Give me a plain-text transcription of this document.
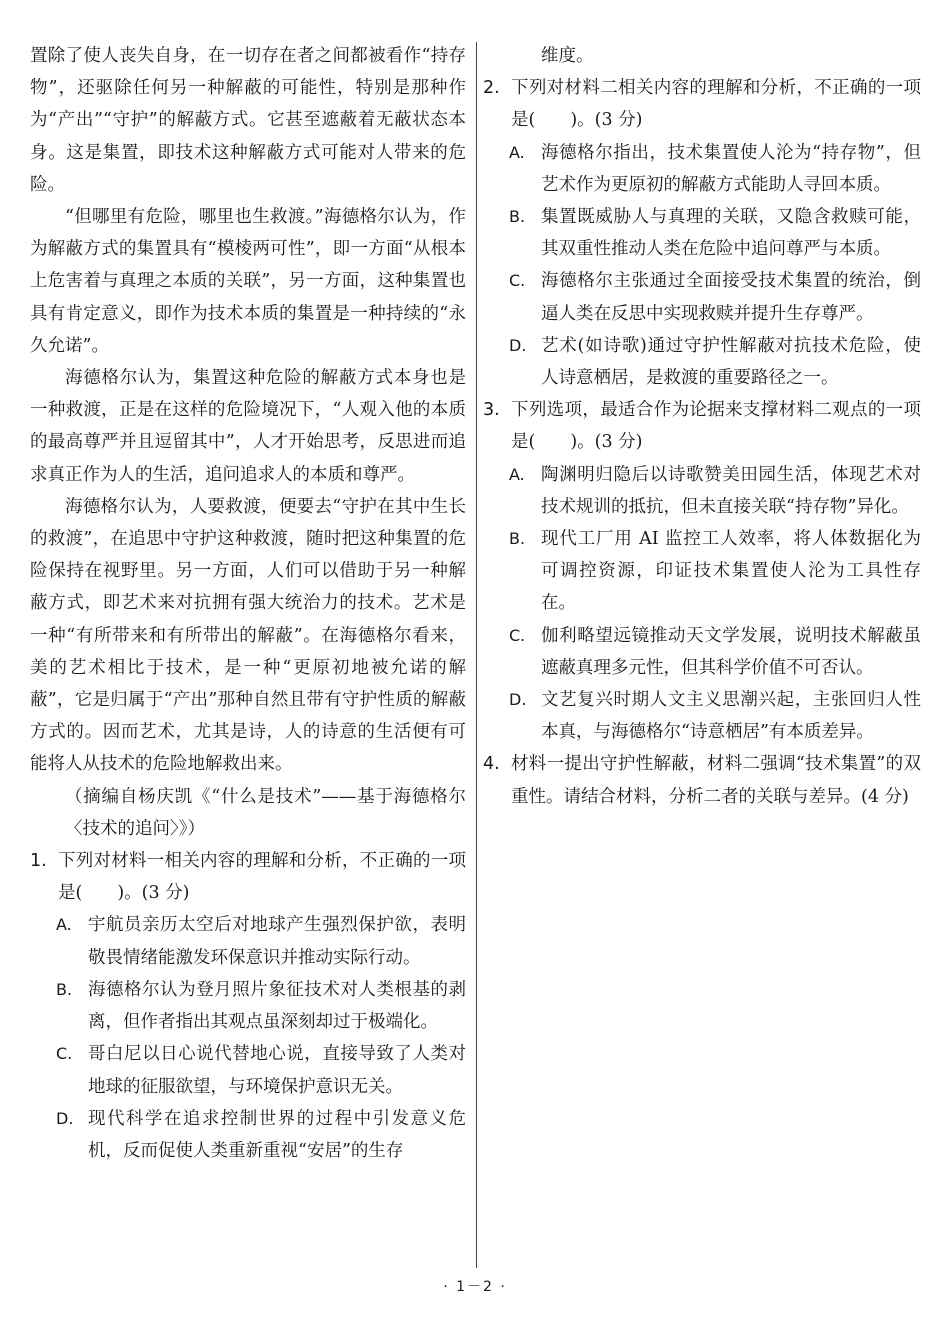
置除了使人丧失自身，在一切存在者之间都被看作“持存物”，还驱除任何另一种解蔽的可能性，特别是那种作为“产出”“守护”的解蔽方式。它甚至遮蔽着无蔽状态本身。这是集置，即技术这种解蔽方式可能对人带来的危险。

“但哪里有危险，哪里也生救渡。”海德格尔认为，作为解蔽方式的集置具有“模棱两可性”，即一方面“从根本上危害着与真理之本质的关联”，另一方面，这种集置也具有肯定意义，即作为技术本质的集置是一种持续的“永久允诺”。

海德格尔认为，集置这种危险的解蔽方式本身也是一种救渡，正是在这样的危险境况下，“人观入他的本质的最高尊严并且逗留其中”，人才开始思考，反思进而追求真正作为人的生活，追问追求人的本质和尊严。

海德格尔认为，人要救渡，便要去“守护在其中生长的救渡”，在追思中守护这种救渡，随时把这种集置的危险保持在视野里。另一方面，人们可以借助于另一种解蔽方式，即艺术来对抗拥有强大统治力的技术。艺术是一种“有所带来和有所带出的解蔽”。在海德格尔看来，美的艺术相比于技术，是一种“更原初地被允诺的解蔽”，它是归属于“产出”那种自然且带有守护性质的解蔽方式的。因而艺术，尤其是诗，人的诗意的生活便有可能将人从技术的危险地解救出来。

（摘编自杨庆凯《“什么是技术”——基于海德格尔〈技术的追问〉》）

1. 下列对材料一相关内容的理解和分析，不正确的一项是(　　)。(3 分)

A. 宇航员亲历太空后对地球产生强烈保护欲，表明敬畏情绪能激发环保意识并推动实际行动。

B. 海德格尔认为登月照片象征技术对人类根基的剥离，但作者指出其观点虽深刻却过于极端化。

C. 哥白尼以日心说代替地心说，直接导致了人类对地球的征服欲望，与环境保护意识无关。

D. 现代科学在追求控制世界的过程中引发意义危机，反而促使人类重新重视“安居”的生存

维度。

2. 下列对材料二相关内容的理解和分析，不正确的一项是(　　)。(3 分)

A. 海德格尔指出，技术集置使人沦为“持存物”，但艺术作为更原初的解蔽方式能助人寻回本质。

B. 集置既威胁人与真理的关联，又隐含救赎可能，其双重性推动人类在危险中追问尊严与本质。

C. 海德格尔主张通过全面接受技术集置的统治，倒逼人类在反思中实现救赎并提升生存尊严。

D. 艺术(如诗歌)通过守护性解蔽对抗技术危险，使人诗意栖居，是救渡的重要路径之一。

3. 下列选项，最适合作为论据来支撑材料二观点的一项是(　　)。(3 分)

A. 陶渊明归隐后以诗歌赞美田园生活，体现艺术对技术规训的抵抗，但未直接关联“持存物”异化。

B. 现代工厂用 AI 监控工人效率，将人体数据化为可调控资源，印证技术集置使人沦为工具性存在。

C. 伽利略望远镜推动天文学发展，说明技术解蔽虽遮蔽真理多元性，但其科学价值不可否认。

D. 文艺复兴时期人文主义思潮兴起，主张回归人性本真，与海德格尔“诗意栖居”有本质差异。

4. 材料一提出守护性解蔽，材料二强调“技术集置”的双重性。请结合材料，分析二者的关联与差异。(4 分)

· 1－2 ·
